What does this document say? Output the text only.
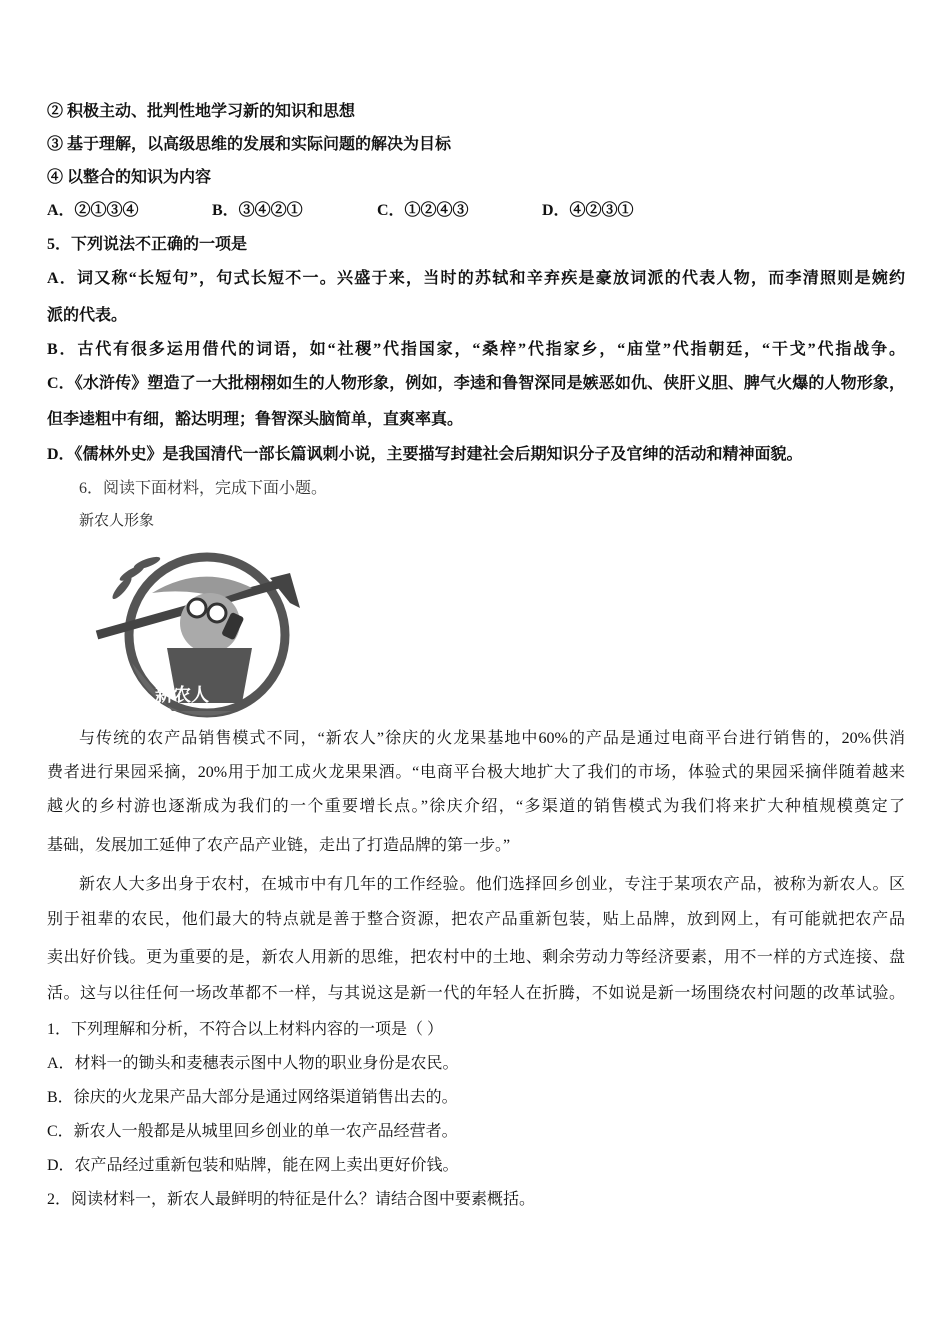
② 积极主动、批判性地学习新的知识和思想
③ 基于理解，以高级思维的发展和实际问题的解决为目标
④ 以整合的知识为内容
A．②①③④	B．③④②①	C．①②④③	D．④②③①
5．下列说法不正确的一项是
A．词又称“长短句”，句式长短不一。兴盛于来，当时的苏轼和辛弃疾是豪放词派的代表人物，而李清照则是婉约
派的代表。
B．古代有很多运用借代的词语，如“社稷”代指国家，“桑梓”代指家乡，“庙堂”代指朝廷，“干戈”代指战争。
C．《水浒传》塑造了一大批栩栩如生的人物形象，例如，李逵和鲁智深同是嫉恶如仇、侠肝义胆、脾气火爆的人物形象，
但李逵粗中有细，豁达明理；鲁智深头脑简单，直爽率真。
D．《儒林外史》是我国清代一部长篇讽刺小说，主要描写封建社会后期知识分子及官绅的活动和精神面貌。
6．阅读下面材料，完成下面小题。
新农人形象
新农人
与传统的农产品销售模式不同，“新农人”徐庆的火龙果基地中60%的产品是通过电商平台进行销售的，20%供消
费者进行果园采摘，20%用于加工成火龙果果酒。“电商平台极大地扩大了我们的市场，体验式的果园采摘伴随着越来
越火的乡村游也逐渐成为我们的一个重要增长点。”徐庆介绍，“多渠道的销售模式为我们将来扩大种植规模奠定了
基础，发展加工延伸了农产品产业链，走出了打造品牌的第一步。”
新农人大多出身于农村，在城市中有几年的工作经验。他们选择回乡创业，专注于某项农产品，被称为新农人。区
别于祖辈的农民，他们最大的特点就是善于整合资源，把农产品重新包装，贴上品牌，放到网上，有可能就把农产品
卖出好价钱。更为重要的是，新农人用新的思维，把农村中的土地、剩余劳动力等经济要素，用不一样的方式连接、盘
活。这与以往任何一场改革都不一样，与其说这是新一代的年轻人在折腾，不如说是新一场围绕农村问题的改革试验。
1．下列理解和分析，不符合以上材料内容的一项是（ ）
A．材料一的锄头和麦穗表示图中人物的职业身份是农民。
B．徐庆的火龙果产品大部分是通过网络渠道销售出去的。
C．新农人一般都是从城里回乡创业的单一农产品经营者。
D．农产品经过重新包装和贴牌，能在网上卖出更好价钱。
2．阅读材料一，新农人最鲜明的特征是什么？请结合图中要素概括。
